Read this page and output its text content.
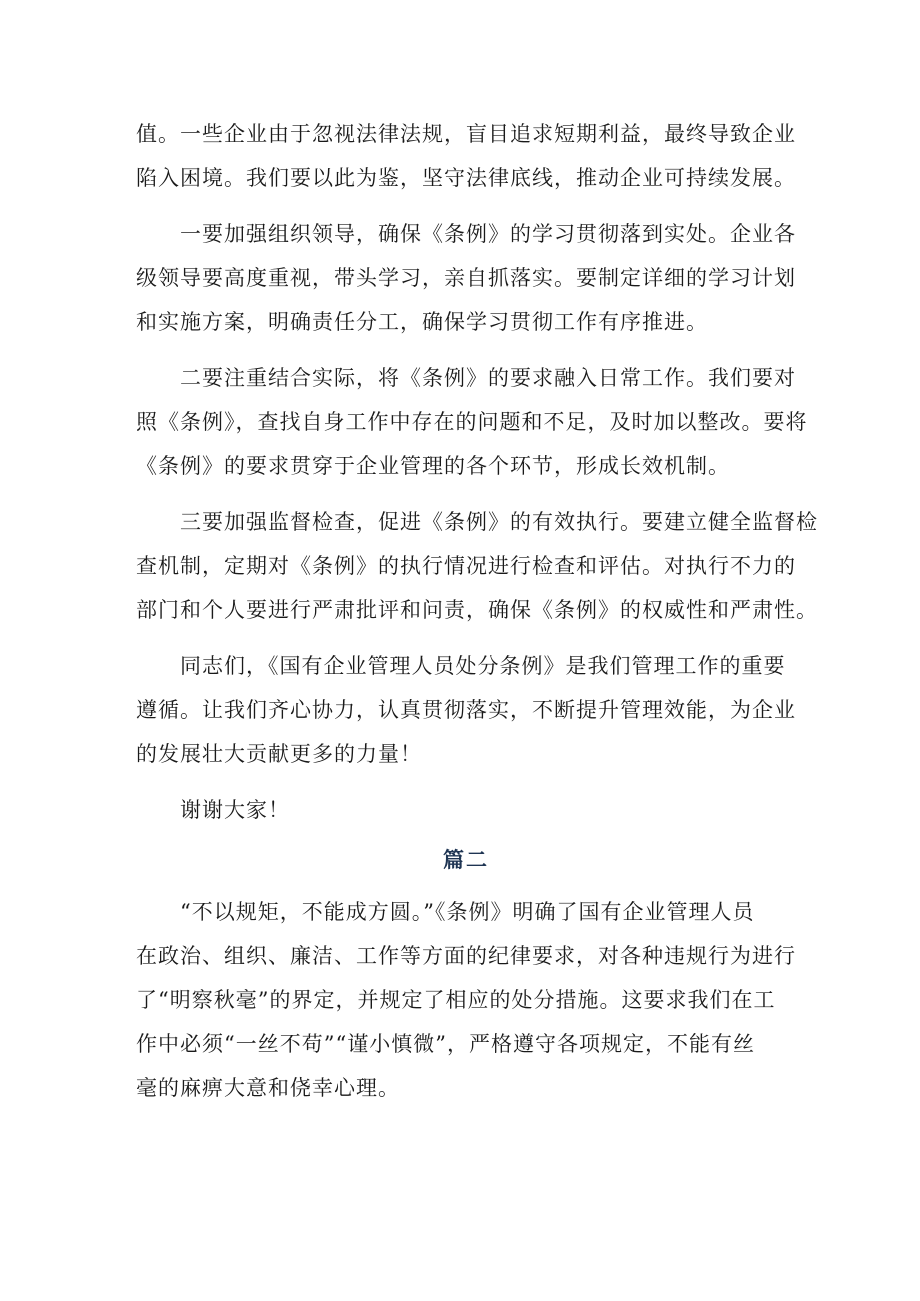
值。一些企业由于忽视法律法规，盲目追求短期利益，最终导致企业
陷入困境。我们要以此为鉴，坚守法律底线，推动企业可持续发展。
　　一要加强组织领导，确保《条例》的学习贯彻落到实处。企业各
级领导要高度重视，带头学习，亲自抓落实。要制定详细的学习计划
和实施方案，明确责任分工，确保学习贯彻工作有序推进。
　　二要注重结合实际，将《条例》的要求融入日常工作。我们要对
照《条例》，查找自身工作中存在的问题和不足，及时加以整改。要将
《条例》的要求贯穿于企业管理的各个环节，形成长效机制。
　　三要加强监督检查，促进《条例》的有效执行。要建立健全监督检
查机制，定期对《条例》的执行情况进行检查和评估。对执行不力的
部门和个人要进行严肃批评和问责，确保《条例》的权威性和严肃性。
　　同志们，《国有企业管理人员处分条例》是我们管理工作的重要
遵循。让我们齐心协力，认真贯彻落实，不断提升管理效能，为企业
的发展壮大贡献更多的力量！
　　谢谢大家！
篇二
　　“不以规矩，不能成方圆。”《条例》明确了国有企业管理人员
在政治、组织、廉洁、工作等方面的纪律要求，对各种违规行为进行
了“明察秋毫”的界定，并规定了相应的处分措施。这要求我们在工
作中必须“一丝不苟”“谨小慎微”，严格遵守各项规定，不能有丝
毫的麻痹大意和侥幸心理。
